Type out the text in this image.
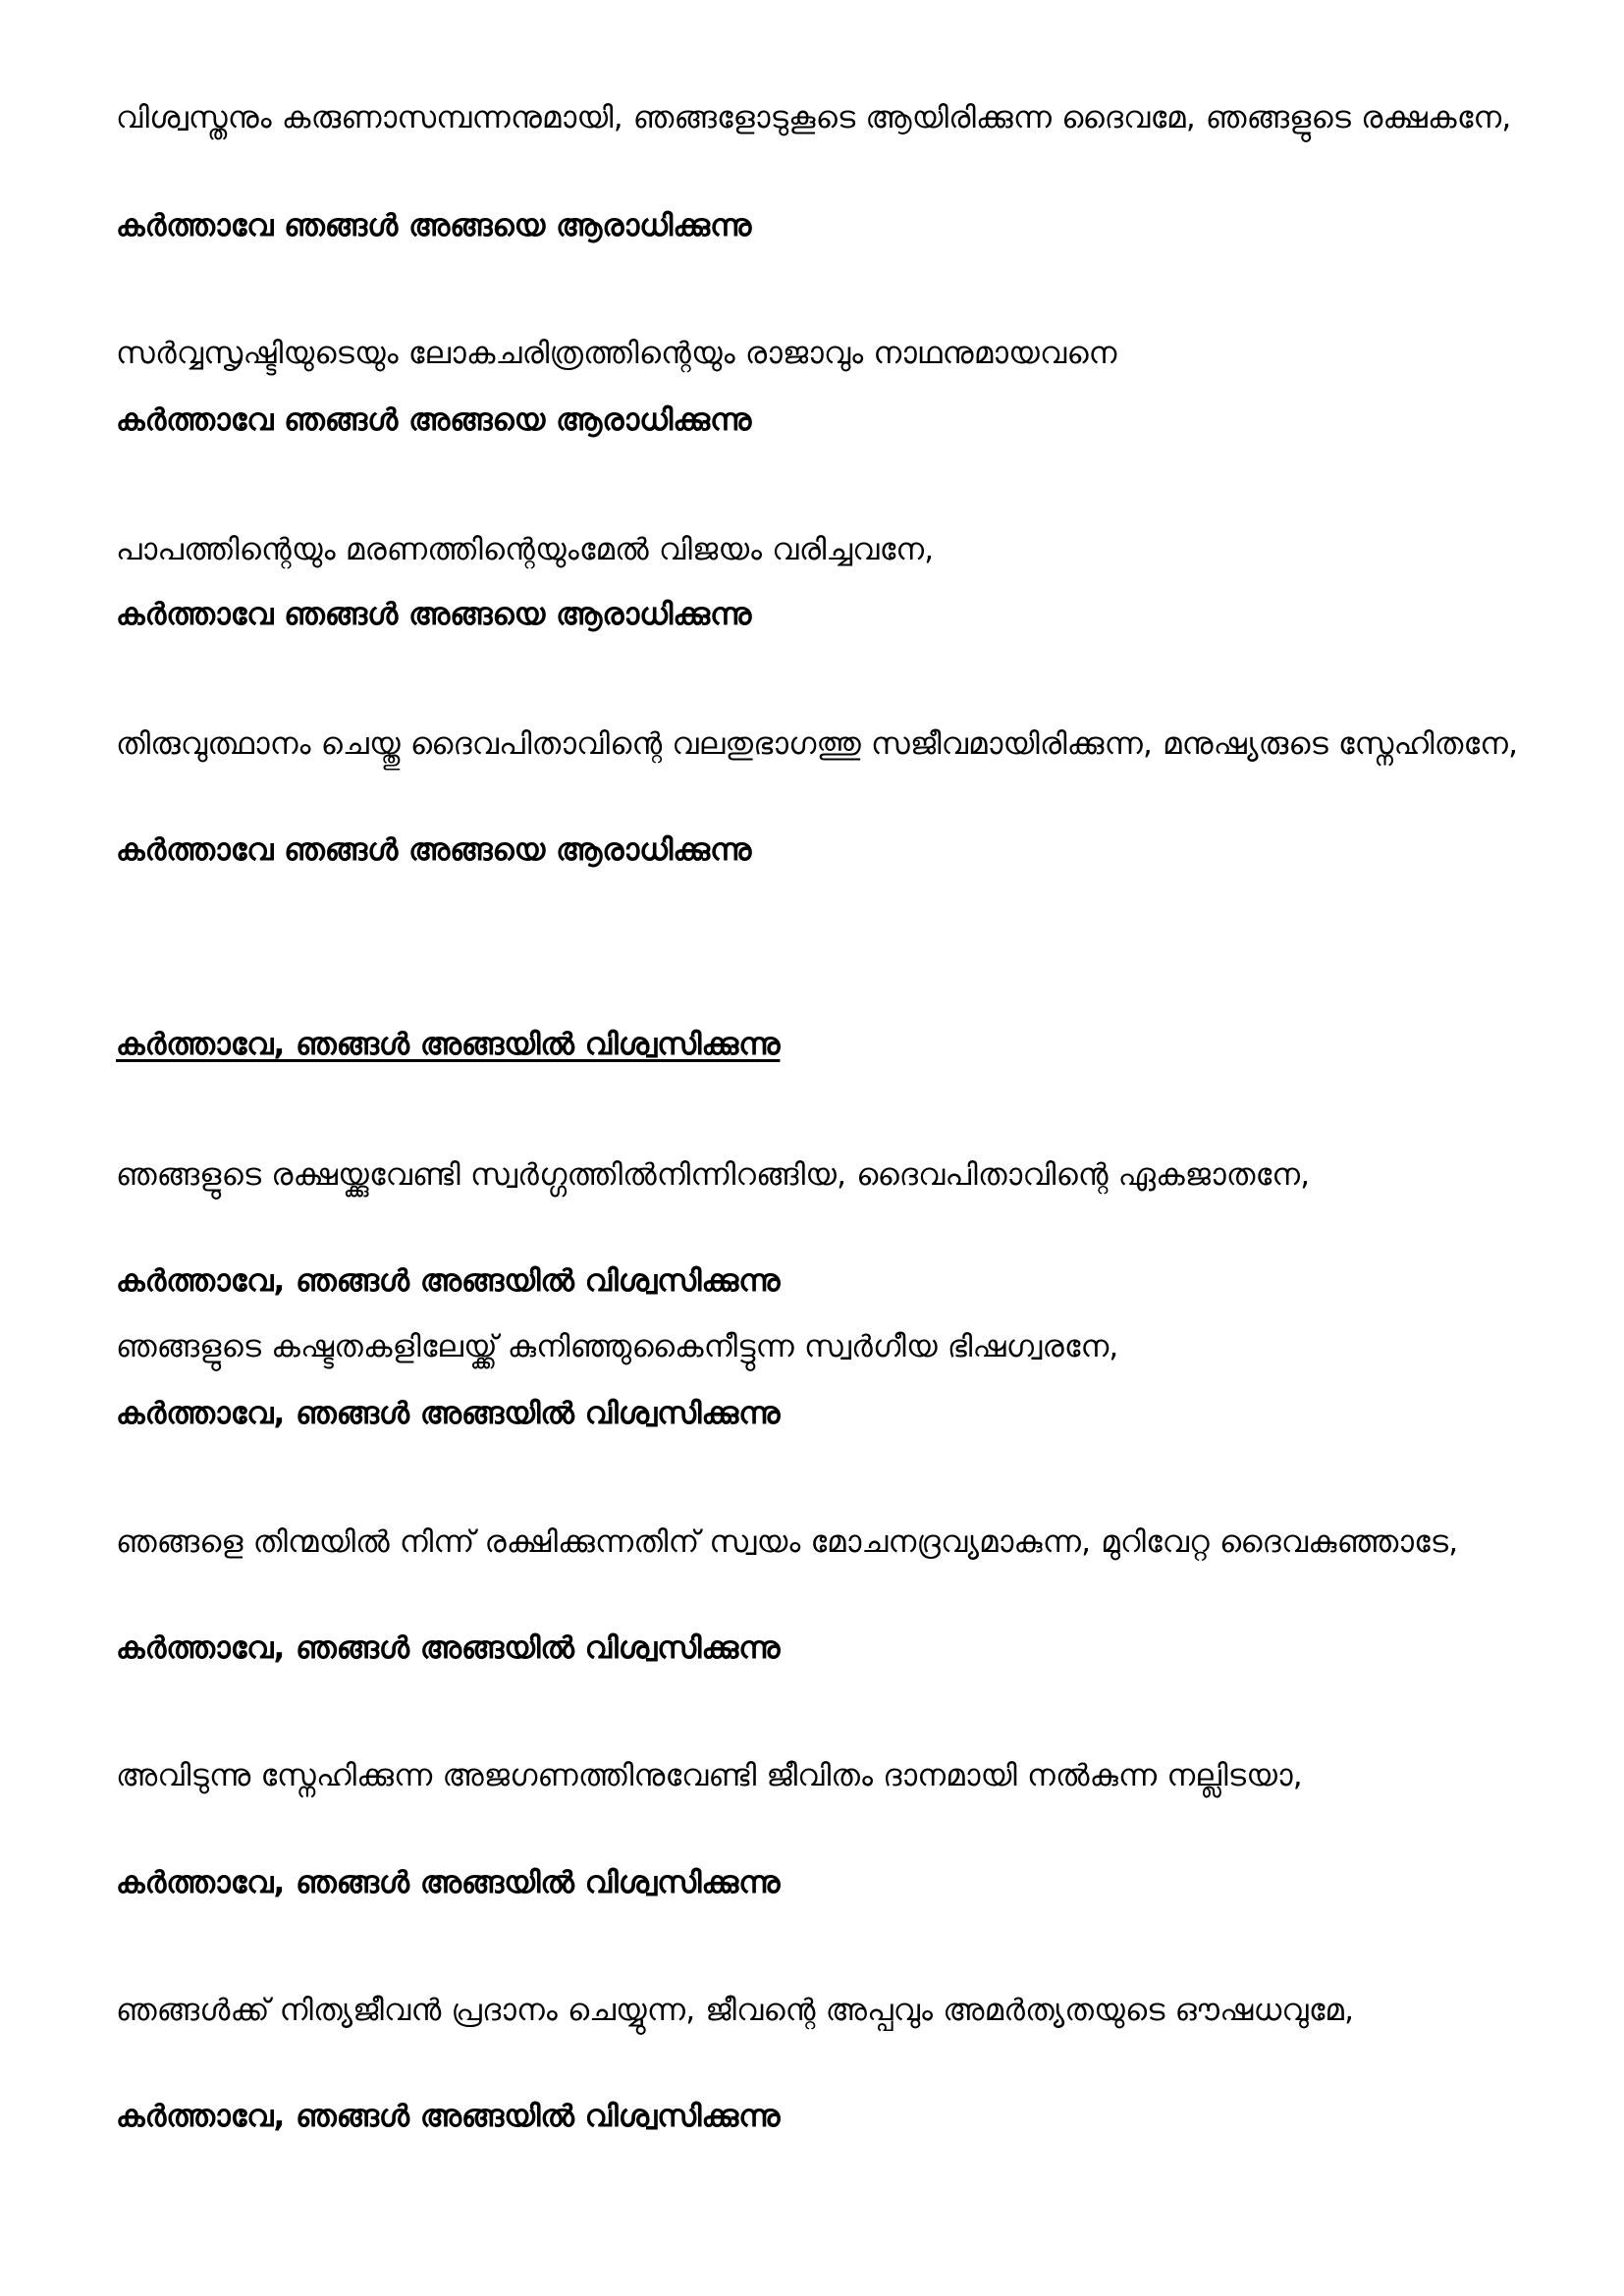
വിശ്വസ്തനും കരുണാസമ്പന്നനുമായി, ഞങ്ങളോടുകൂടെ ആയിരിക്കുന്ന ദൈവമേ, ഞങ്ങളുടെ രക്ഷകനേ,
കർത്താവേ ഞങ്ങൾ അങ്ങയെ ആരാധിക്കുന്നു
സർവ്വസൃഷ്ടിയുടെയും ലോകചരിത്രത്തിന്റെയും രാജാവും നാഥനുമായവനെ
കർത്താവേ ഞങ്ങൾ അങ്ങയെ ആരാധിക്കുന്നു
പാപത്തിന്റെയും മരണത്തിന്റെയുംമേൽ വിജയം വരിച്ചവനേ,
കർത്താവേ ഞങ്ങൾ അങ്ങയെ ആരാധിക്കുന്നു
തിരുവുത്ഥാനം ചെയ്തു ദൈവപിതാവിന്റെ വലതുഭാഗത്തു സജീവമായിരിക്കുന്ന, മനുഷ്യരുടെ സ്നേഹിതനേ,
കർത്താവേ ഞങ്ങൾ അങ്ങയെ ആരാധിക്കുന്നു
കർത്താവേ, ഞങ്ങൾ അങ്ങയിൽ വിശ്വസിക്കുന്നു
ഞങ്ങളുടെ രക്ഷയ്ക്കുവേണ്ടി സ്വർഗ്ഗത്തിൽനിന്നിറങ്ങിയ, ദൈവപിതാവിന്റെ ഏകജാതനേ,
കർത്താവേ, ഞങ്ങൾ അങ്ങയിൽ വിശ്വസിക്കുന്നു
ഞങ്ങളുടെ കഷ്ടതകളിലേയ്ക്ക് കുനിഞ്ഞുകൈനീട്ടുന്ന സ്വർഗീയ ഭിഷഗ്വരനേ,
കർത്താവേ, ഞങ്ങൾ അങ്ങയിൽ വിശ്വസിക്കുന്നു
ഞങ്ങളെ തിന്മയിൽ നിന്ന് രക്ഷിക്കുന്നതിന് സ്വയം മോചനദ്രവ്യമാകുന്ന, മുറിവേറ്റ ദൈവകുഞ്ഞാടേ,
കർത്താവേ, ഞങ്ങൾ അങ്ങയിൽ വിശ്വസിക്കുന്നു
അവിടുന്നു സ്നേഹിക്കുന്ന അജഗണത്തിനുവേണ്ടി ജീവിതം ദാനമായി നൽകുന്ന നല്ലിടയാ,
കർത്താവേ, ഞങ്ങൾ അങ്ങയിൽ വിശ്വസിക്കുന്നു
ഞങ്ങൾക്ക് നിത്യജീവൻ പ്രദാനം ചെയ്യുന്ന, ജീവന്റെ അപ്പവും അമർത്യതയുടെ ഔഷധവുമേ,
കർത്താവേ, ഞങ്ങൾ അങ്ങയിൽ വിശ്വസിക്കുന്നു
